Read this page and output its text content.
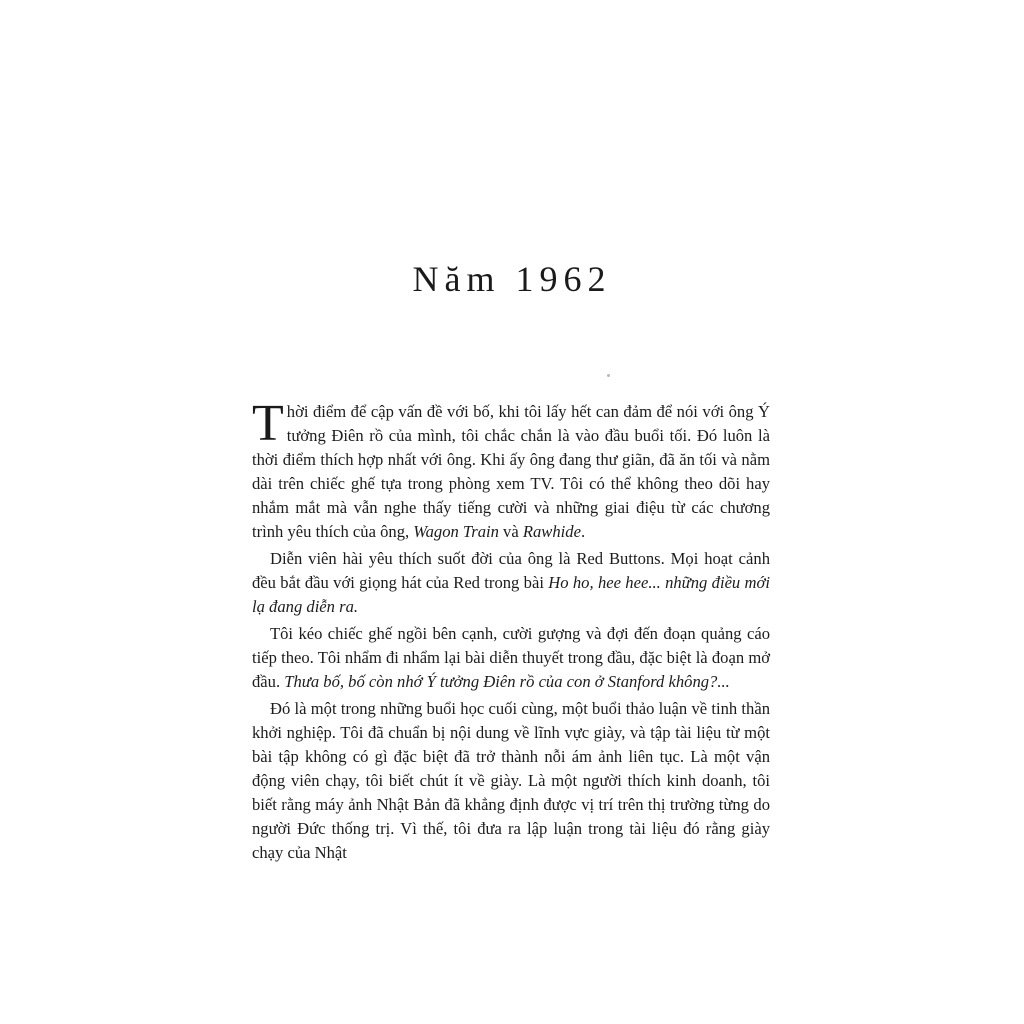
Năm 1962

Thời điểm để cập vấn đề với bố, khi tôi lấy hết can đảm để nói với ông Ý tưởng Điên rồ của mình, tôi chắc chắn là vào đầu buổi tối. Đó luôn là thời điểm thích hợp nhất với ông. Khi ấy ông đang thư giãn, đã ăn tối và nằm dài trên chiếc ghế tựa trong phòng xem TV. Tôi có thể không theo dõi hay nhắm mắt mà vẫn nghe thấy tiếng cười và những giai điệu từ các chương trình yêu thích của ông, Wagon Train và Rawhide.

Diễn viên hài yêu thích suốt đời của ông là Red Buttons. Mọi hoạt cảnh đều bắt đầu với giọng hát của Red trong bài Ho ho, hee hee... những điều mới lạ đang diễn ra.

Tôi kéo chiếc ghế ngồi bên cạnh, cười gượng và đợi đến đoạn quảng cáo tiếp theo. Tôi nhẩm đi nhẩm lại bài diễn thuyết trong đầu, đặc biệt là đoạn mở đầu. Thưa bố, bố còn nhớ Ý tưởng Điên rồ của con ở Stanford không?...

Đó là một trong những buổi học cuối cùng, một buổi thảo luận về tinh thần khởi nghiệp. Tôi đã chuẩn bị nội dung về lĩnh vực giày, và tập tài liệu từ một bài tập không có gì đặc biệt đã trở thành nỗi ám ảnh liên tục. Là một vận động viên chạy, tôi biết chút ít về giày. Là một người thích kinh doanh, tôi biết rằng máy ảnh Nhật Bản đã khẳng định được vị trí trên thị trường từng do người Đức thống trị. Vì thế, tôi đưa ra lập luận trong tài liệu đó rằng giày chạy của Nhật
